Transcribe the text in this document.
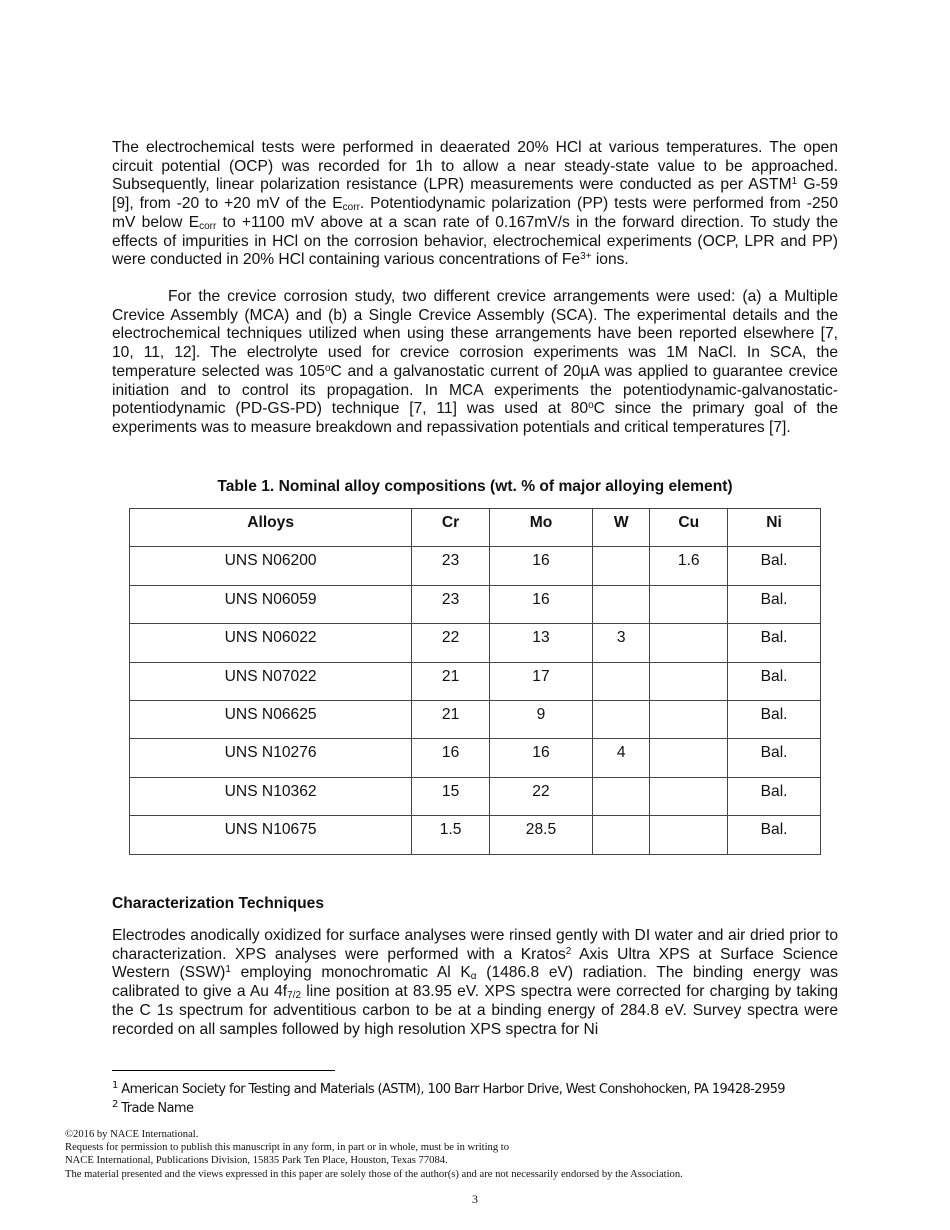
The electrochemical tests were performed in deaerated 20% HCl at various temperatures. The open circuit potential (OCP) was recorded for 1h to allow a near steady-state value to be approached. Subsequently, linear polarization resistance (LPR) measurements were conducted as per ASTM$^1$ G-59 [9], from -20 to +20 mV of the $E_{corr}$. Potentiodynamic polarization (PP) tests were performed from -250 mV below $E_{corr}$ to +1100 mV above at a scan rate of 0.167mV/s in the forward direction. To study the effects of impurities in HCl on the corrosion behavior, electrochemical experiments (OCP, LPR and PP) were conducted in 20% HCl containing various concentrations of $Fe^{3+}$ ions.

For the crevice corrosion study, two different crevice arrangements were used: (a) a Multiple Crevice Assembly (MCA) and (b) a Single Crevice Assembly (SCA). The experimental details and the electrochemical techniques utilized when using these arrangements have been reported elsewhere [7, 10, 11, 12]. The electrolyte used for crevice corrosion experiments was 1M NaCl. In SCA, the temperature selected was 105$^o$C and a galvanostatic current of 20µA was applied to guarantee crevice initiation and to control its propagation. In MCA experiments the potentiodynamic-galvanostatic-potentiodynamic (PD-GS-PD) technique [7, 11] was used at 80$^o$C since the primary goal of the experiments was to measure breakdown and repassivation potentials and critical temperatures [7].

Table 1. Nominal alloy compositions (wt. % of major alloying element)
Alloys	Cr	Mo	W	Cu	Ni
UNS N06200	23	16		1.6	Bal.
UNS N06059	23	16			Bal.
UNS N06022	22	13	3		Bal.
UNS N07022	21	17			Bal.
UNS N06625	21	9			Bal.
UNS N10276	16	16	4		Bal.
UNS N10362	15	22			Bal.
UNS N10675	1.5	28.5			Bal.
Characterization Techniques

Electrodes anodically oxidized for surface analyses were rinsed gently with DI water and air dried prior to characterization. XPS analyses were performed with a Kratos$^2$ Axis Ultra XPS at Surface Science Western (SSW)$^1$ employing monochromatic Al $K_\alpha$ (1486.8 eV) radiation. The binding energy was calibrated to give a Au $4f_{7/2}$ line position at 83.95 eV. XPS spectra were corrected for charging by taking the C 1s spectrum for adventitious carbon to be at a binding energy of 284.8 eV. Survey spectra were recorded on all samples followed by high resolution XPS spectra for Ni

$^1$ American Society for Testing and Materials (ASTM), 100 Barr Harbor Drive, West Conshohocken, PA 19428-2959
$^2$ Trade Name
©2016 by NACE International.
Requests for permission to publish this manuscript in any form, in part or in whole, must be in writing to
NACE International, Publications Division, 15835 Park Ten Place, Houston, Texas 77084.
The material presented and the views expressed in this paper are solely those of the author(s) and are not necessarily endorsed by the Association.
3
